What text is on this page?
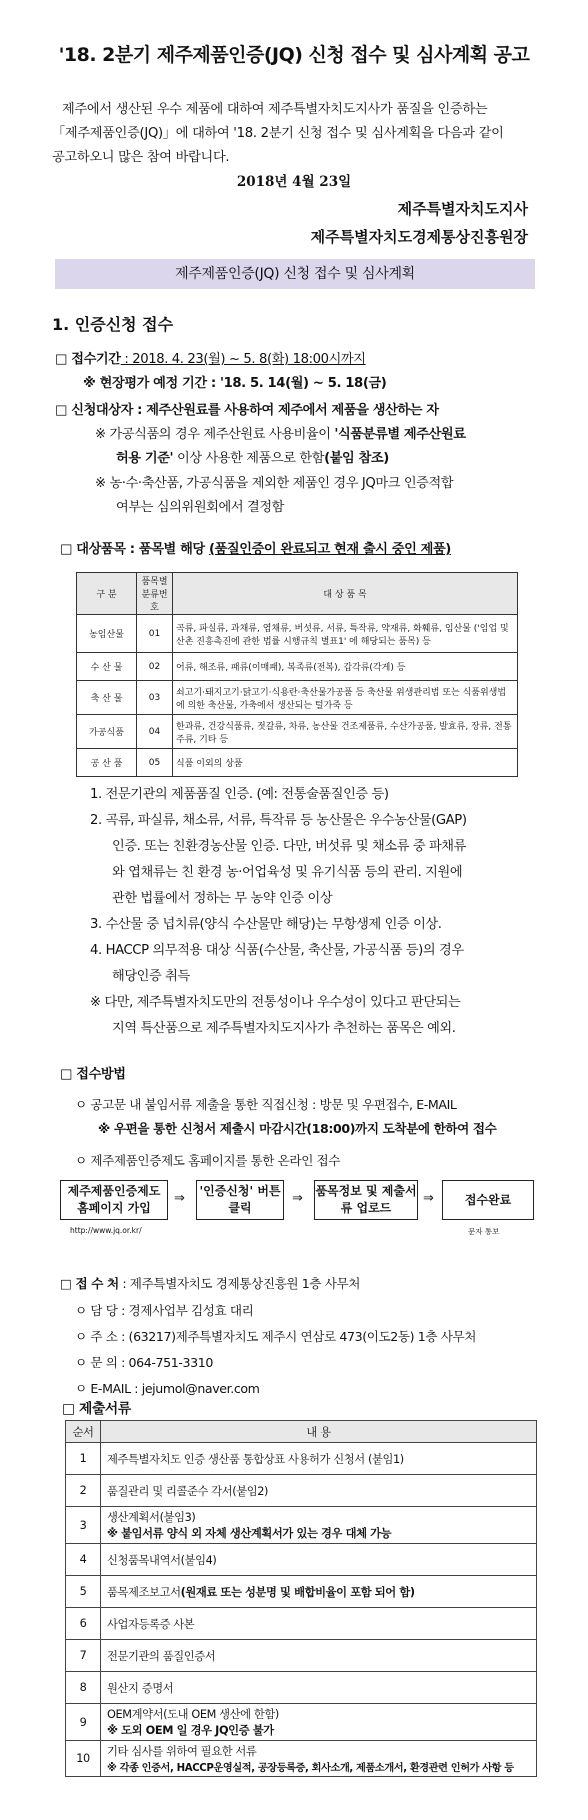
'18. 2분기 제주제품인증(JQ) 신청 접수 및 심사계획 공고
제주에서 생산된 우수 제품에 대하여 제주특별자치도지사가 품질을 인증하는「제주제품인증(JQ)」에 대하여 '18. 2분기 신청 접수 및 심사계획을 다음과 같이 공고하오니 많은 참여 바랍니다.
2018년 4월 23일
제주특별자치도지사
제주특별자치도경제통상진흥원장
제주제품인증(JQ) 신청 접수 및 심사계획
1. 인증신청 접수
□ 접수기간 : 2018. 4. 23(월) ~ 5. 8(화) 18:00시까지
※ 현장평가 예정 기간 : '18. 5. 14(월) ~ 5. 18(금)
□ 신청대상자 : 제주산원료를 사용하여 제주에서 제품을 생산하는 자
※ 가공식품의 경우 제주산원료 사용비율이 '식품분류별 제주산원료
허용 기준' 이상 사용한 제품으로 한함(붙임 참조)
※ 농·수·축산품, 가공식품을 제외한 제품인 경우 JQ마크 인증적합
여부는 심의위원회에서 결정함
□ 대상품목 : 품목별 해당 (품질인증이 완료되고 현재 출시 중인 제품)
구 분	품목별 분류번호	대 상 품 목
농임산물	01	곡류, 파실류, 과채류, 엽채류, 버섯류, 서류, 특작류, 약재류, 화훼류, 임산물 ('임업 및 산촌 진흥촉진에 관한 법률 시행규칙 별표1' 에 해당되는 품목) 등
수 산 물	02	어류, 해조류, 패류(이매패), 복족류(전복), 갑각류(각게) 등
축 산 물	03	쇠고기·돼지고기·닭고기·식용란·축산물가공품 등 축산물 위생관리법 또는 식품위생법에 의한 축산물, 가축에서 생산되는 털가죽 등
가공식품	04	한과류, 건강식품류, 젓갈류, 차류, 농산물 건조제품류, 수산가공품, 발효류, 장류, 전통주류, 기타 등
공 산 품	05	식품 이외의 상품
1. 전문기관의 제품품질 인증. (예: 전통술품질인증 등)
2. 곡류, 파실류, 채소류, 서류, 특작류 등 농산물은 우수농산물(GAP)
인증. 또는 친환경농산물 인증. 다만, 버섯류 및 채소류 중 파채류
와 엽채류는 친 환경 농·어업육성 및 유기식품 등의 관리. 지원에
관한 법률에서 정하는 무 농약 인증 이상
3. 수산물 중 넙치류(양식 수산물만 해당)는 무항생제 인증 이상.
4. HACCP 의무적용 대상 식품(수산물, 축산물, 가공식품 등)의 경우
해당인증 취득
※ 다만, 제주특별자치도만의 전통성이나 우수성이 있다고 판단되는
지역 특산품으로 제주특별자치도지사가 추천하는 품목은 예외.
□ 접수방법
ㅇ 공고문 내 붙임서류 제출을 통한 직접신청 : 방문 및 우편접수, E-MAIL
※ 우편을 통한 신청서 제출시 마감시간(18:00)까지 도착분에 한하여 접수
ㅇ 제주제품인증제도 홈페이지를 통한 온라인 접수
제주제품인증제도 홈페이지 가입
⇒ '인증신청' 버튼 클릭
⇒ 품목정보 및 제출서류 업로드
⇒	접수완료
http://www.jq.or.kr/	문자 통보
□ 접 수 처 : 제주특별자치도 경제통상진흥원 1층 사무처
ㅇ 담 당 : 경제사업부 김성효 대리
ㅇ 주 소 : (63217)제주특별자치도 제주시 연삼로 473(이도2동) 1층 사무처
ㅇ 문 의 : 064-751-3310
ㅇ E-MAIL : jejumol@naver.com
□ 제출서류
순서	내 용
1	제주특별자치도 인증 생산품 통합상표 사용허가 신청서 (붙임1)
2	품질관리 및 리콜준수 각서(붙임2)
3	생산계획서(붙임3)
※ 붙임서류 양식 외 자체 생산계획서가 있는 경우 대체 가능

4	신청품목내역서(붙임4)
5	품목제조보고서(원재료 또는 성분명 및 배합비율이 포함 되어 함)
6	사업자등록증 사본
7	전문기관의 품질인증서
8	원산지 증명서
9	OEM계약서(도내 OEM 생산에 한함)
※ 도외 OEM 일 경우 JQ인증 불가

10	기타 심사를 위하여 필요한 서류
※ 각종 인증서, HACCP운영실적, 공장등록증, 회사소개, 제품소개서, 환경관련 인허가 사항 등
